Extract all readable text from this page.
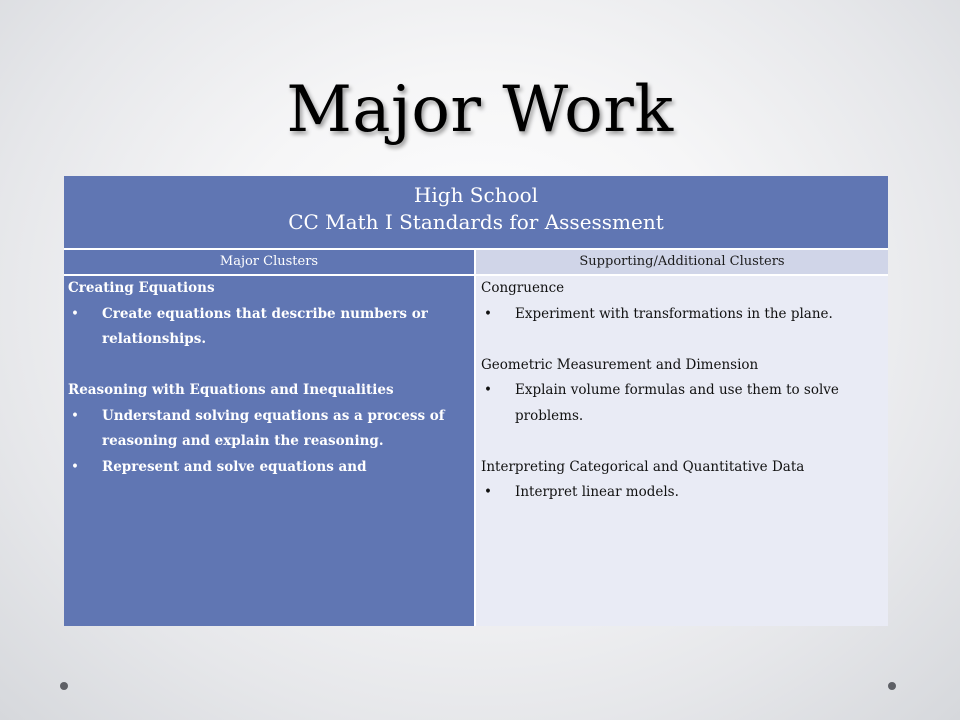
Major Work
High School
CC Math I Standards for Assessment
Major Clusters	Supporting/Additional Clusters
Creating Equations
• Create equations that describe numbers or relationships.
Reasoning with Equations and Inequalities
• Understand solving equations as a process of reasoning and explain the reasoning.
• Represent and solve equations and
Congruence
• Experiment with transformations in the plane.
Geometric Measurement and Dimension
• Explain volume formulas and use them to solve problems.
Interpreting Categorical and Quantitative Data
• Interpret linear models.
